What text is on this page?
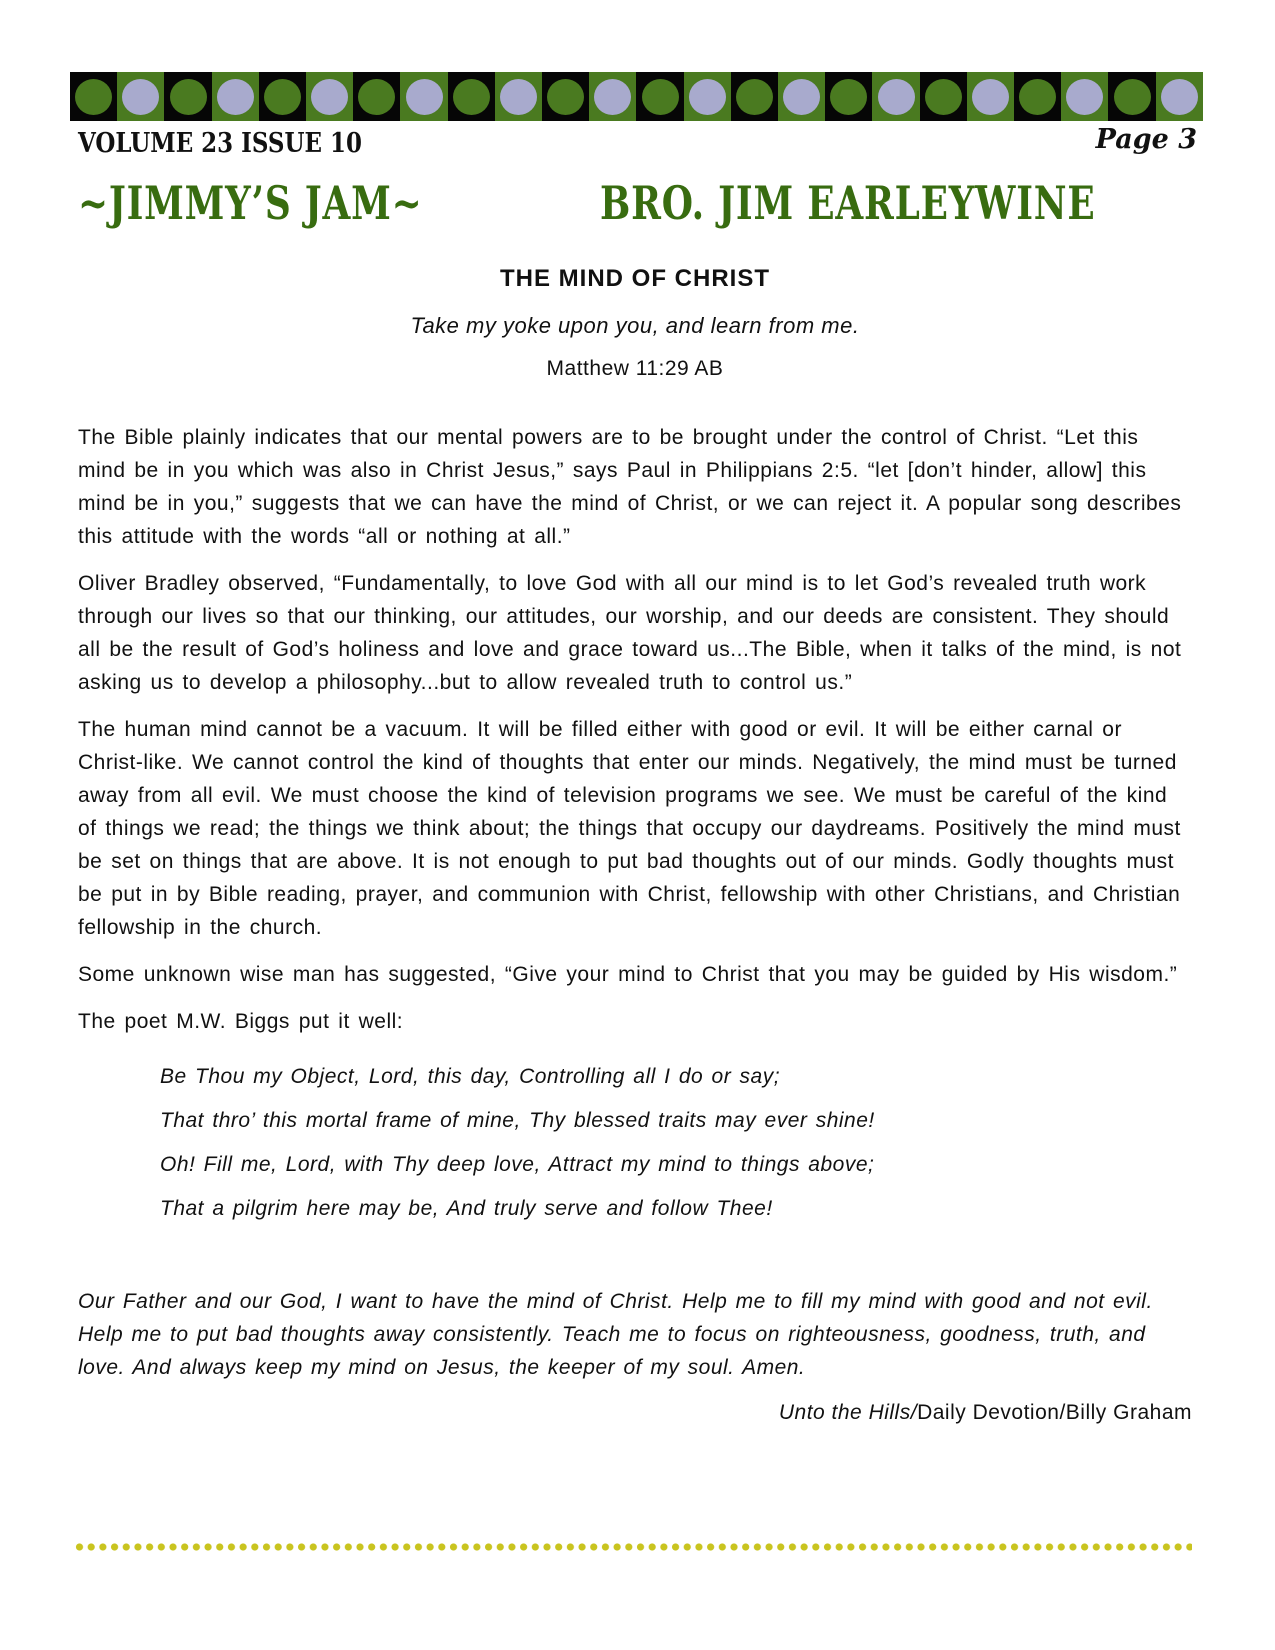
VOLUME 23 ISSUE 10	Page 3
~JIMMY’S JAM~	BRO. JIM EARLEYWINE
THE MIND OF CHRIST
Take my yoke upon you, and learn from me.
Matthew 11:29 AB

The Bible plainly indicates that our mental powers are to be brought under the control of Christ. “Let this mind be in you which was also in Christ Jesus,” says Paul in Philippians 2:5. “let [don’t hinder, allow] this mind be in you,” suggests that we can have the mind of Christ, or we can reject it. A popular song describes this attitude with the words “all or nothing at all.”

Oliver Bradley observed, “Fundamentally, to love God with all our mind is to let God’s revealed truth work through our lives so that our thinking, our attitudes, our worship, and our deeds are consistent. They should all be the result of God’s holiness and love and grace toward us...The Bible, when it talks of the mind, is not asking us to develop a philosophy...but to allow revealed truth to control us.”

The human mind cannot be a vacuum. It will be filled either with good or evil. It will be either carnal or Christ-like. We cannot control the kind of thoughts that enter our minds. Negatively, the mind must be turned away from all evil. We must choose the kind of television programs we see. We must be careful of the kind of things we read; the things we think about; the things that occupy our daydreams. Positively the mind must be set on things that are above. It is not enough to put bad thoughts out of our minds. Godly thoughts must be put in by Bible reading, prayer, and communion with Christ, fellowship with other Christians, and Christian fellowship in the church.

Some unknown wise man has suggested, “Give your mind to Christ that you may be guided by His wisdom.”

The poet M.W. Biggs put it well:

Be Thou my Object, Lord, this day, Controlling all I do or say;
That thro’ this mortal frame of mine, Thy blessed traits may ever shine!
Oh! Fill me, Lord, with Thy deep love, Attract my mind to things above;
That a pilgrim here may be, And truly serve and follow Thee!

Our Father and our God, I want to have the mind of Christ. Help me to fill my mind with good and not evil. Help me to put bad thoughts away consistently. Teach me to focus on righteousness, goodness, truth, and love. And always keep my mind on Jesus, the keeper of my soul. Amen.

Unto the Hills/Daily Devotion/Billy Graham
